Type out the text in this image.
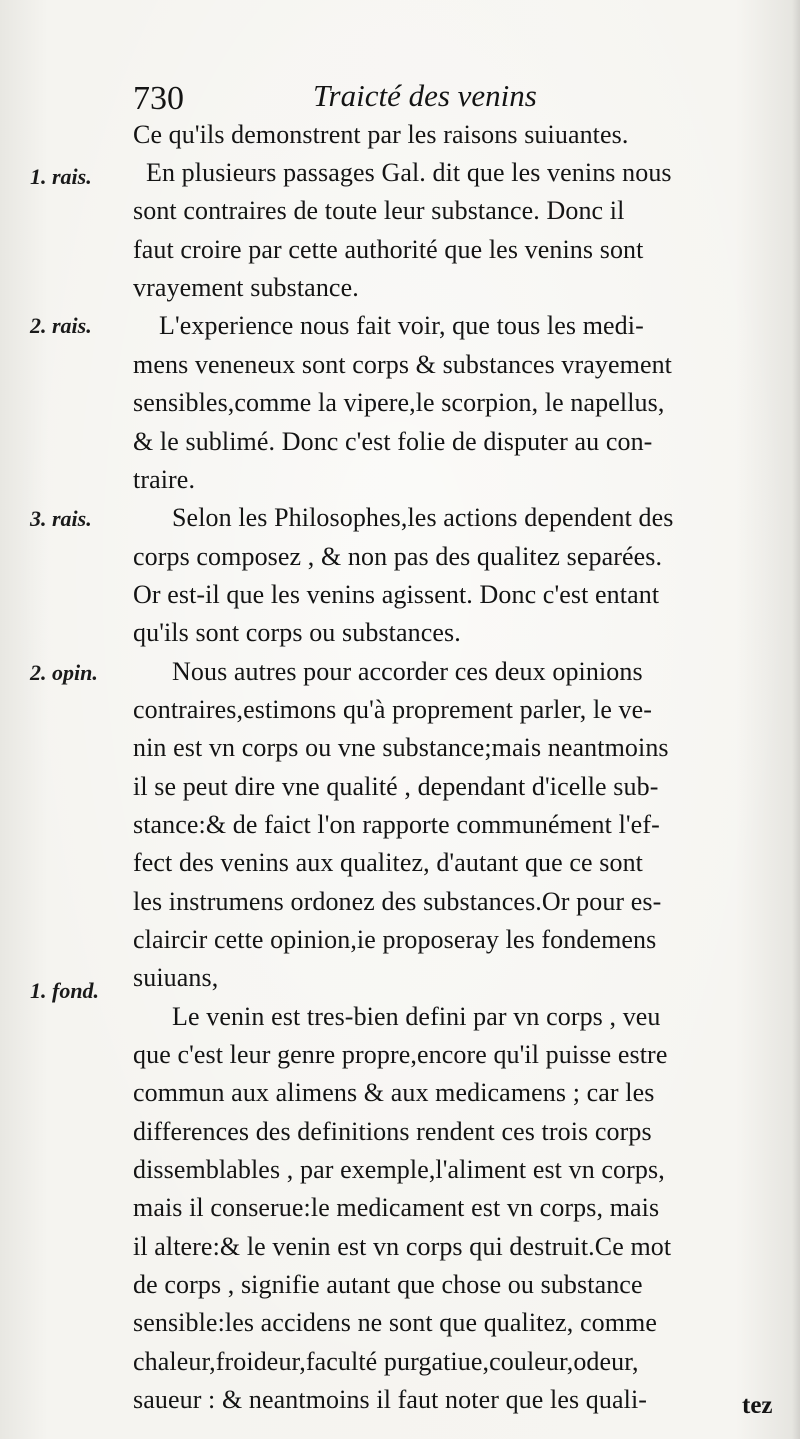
730	Traicté des venins
Ce qu'ils demonstrent par les raisons suiuantes.
En plusieurs passages Gal. dit que les venins nous
sont contraires de toute leur substance. Donc il
faut croire par cette authorité que les venins sont
vrayement substance.
L'experience nous fait voir, que tous les medi-
mens veneneux sont corps & substances vrayement
sensibles,comme la vipere,le scorpion, le napellus,
& le sublimé. Donc c'est folie de disputer au con-
traire.
Selon les Philosophes,les actions dependent des
corps composez , & non pas des qualitez separées.
Or est-il que les venins agissent. Donc c'est entant
qu'ils sont corps ou substances.
Nous autres pour accorder ces deux opinions
contraires,estimons qu'à proprement parler, le ve-
nin est vn corps ou vne substance;mais neantmoins
il se peut dire vne qualité , dependant d'icelle sub-
stance:& de faict l'on rapporte communément l'ef-
fect des venins aux qualitez, d'autant que ce sont
les instrumens ordonez des substances.Or pour es-
claircir cette opinion,ie proposeray les fondemens
suiuans,
Le venin est tres-bien defini par vn corps , veu
que c'est leur genre propre,encore qu'il puisse estre
commun aux alimens & aux medicamens ; car les
differences des definitions rendent ces trois corps
dissemblables , par exemple,l'aliment est vn corps,
mais il conserue:le medicament est vn corps, mais
il altere:& le venin est vn corps qui destruit.Ce mot
de corps , signifie autant que chose ou substance
sensible:les accidens ne sont que qualitez, comme
chaleur,froideur,faculté purgatiue,couleur,odeur,
saueur : & neantmoins il faut noter que les quali-
1. rais.
2. rais.
3. rais.
2. opin.
1. fond.
tez
